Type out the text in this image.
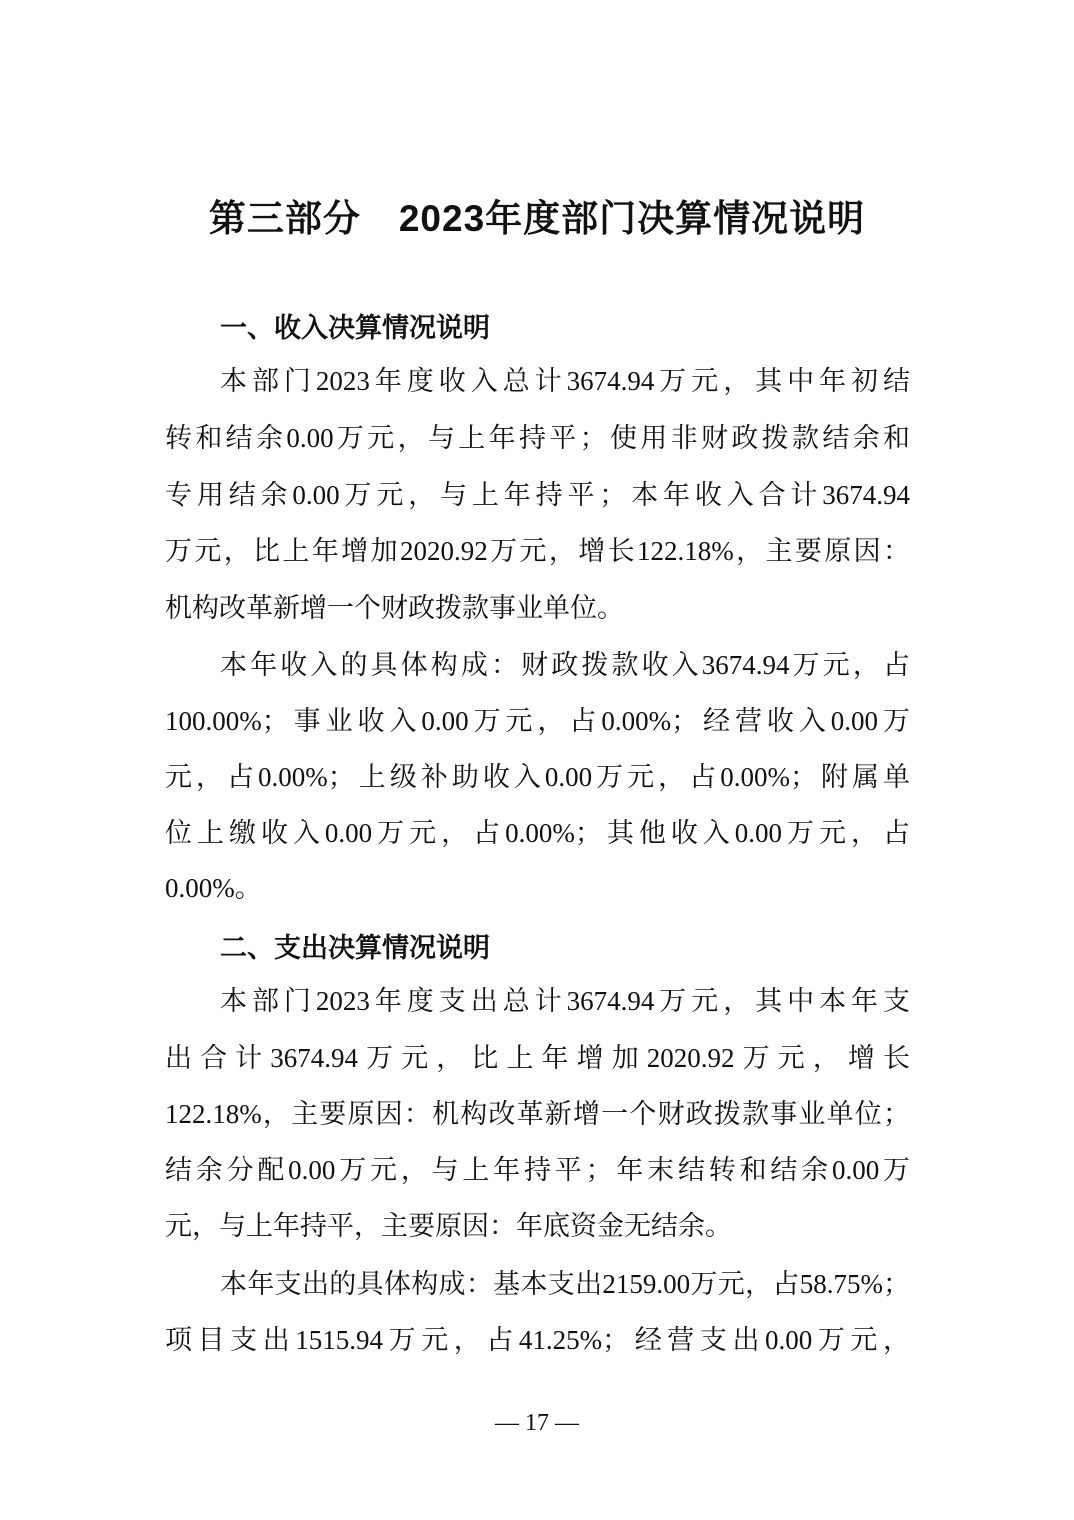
第三部分　2023年度部门决算情况说明
一、收入决算情况说明
本部门2023年度收入总计3674.94万元，其中年初结
转和结余0.00万元，与上年持平；使用非财政拨款结余和
专用结余0.00万元，与上年持平；本年收入合计3674.94
万元，比上年增加2020.92万元，增长122.18%，主要原因：
机构改革新增一个财政拨款事业单位。
本年收入的具体构成：财政拨款收入3674.94万元，占
100.00%；事业收入0.00万元，占0.00%；经营收入0.00万
元，占0.00%；上级补助收入0.00万元，占0.00%；附属单
位上缴收入0.00万元，占0.00%；其他收入0.00万元，占
0.00%。
二、支出决算情况说明
本部门2023年度支出总计3674.94万元，其中本年支
出合计3674.94万元，比上年增加2020.92万元，增长
122.18%，主要原因：机构改革新增一个财政拨款事业单位；
结余分配0.00万元，与上年持平；年末结转和结余0.00万
元，与上年持平，主要原因：年底资金无结余。
本年支出的具体构成：基本支出2159.00万元，占58.75%；
项目支出1515.94万元，占41.25%；经营支出0.00万元，
— 17 —
